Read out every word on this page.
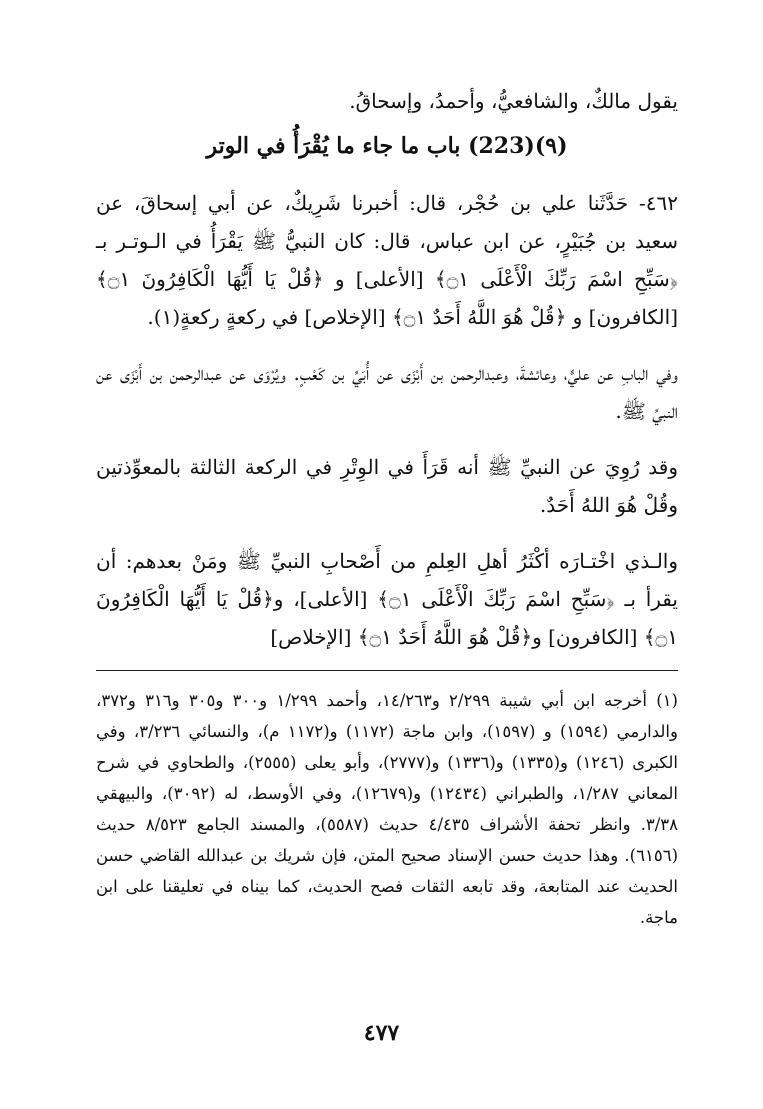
يقول مالكٌ، والشافعيُّ، وأحمدُ، وإسحاقُ.

(٩)(223) باب ما جاء ما يُقْرَأُ في الوتر

٤٦٢- حَدَّثَنا علي بن حُجْر، قال: أخبرنا شَرِيكٌ، عن أبي إسحاقَ، عن سعيد بن جُبَيْرٍ، عن ابن عباس، قال: كان النبيُّ ﷺ يَقْرَأُ في الـوتـر بـ ﴿سَبِّحِ اسْمَ رَبِّكَ الْأَعْلَى ۝١﴾ [الأعلى] و ﴿قُلْ يَا أَيُّهَا الْكَافِرُونَ ۝١﴾ [الكافرون] و ﴿قُلْ هُوَ اللَّهُ أَحَدٌ ۝١﴾ [الإخلاص] في ركعةٍ ركعةٍ(١).

وفي البابِ عن عليٍّ، وعائشةَ، وعبدالرحمن بن أَبْزَى عن أُبَيِّ بن كَعْبٍ. ويُرْوَى عن عبدالرحمن بن أَبْزَى عن النبيِّ ﷺ.

وقد رُوِيَ عن النبيِّ ﷺ أنه قَرَأَ في الوِتْرِ في الركعة الثالثة بالمعوِّذتين وقُلْ هُوَ اللهُ أَحَدٌ.

والـذي اخْتـارَه أكْثَرُ أهلِ العِلمِ من أَصْحابِ النبيِّ ﷺ ومَنْ بعدهم: أن يقرأ بـ ﴿سَبِّحِ اسْمَ رَبِّكَ الْأَعْلَى ۝١﴾ [الأعلى]، و﴿قُلْ يَا أَيُّهَا الْكَافِرُونَ ۝١﴾ [الكافرون] و﴿قُلْ هُوَ اللَّهُ أَحَدٌ ۝١﴾ [الإخلاص]

(١) أخرجه ابن أبي شيبة ٢/٢٩٩ و١٤/٢٦٣، وأحمد ١/٢٩٩ و٣٠٠ و٣٠٥ و٣١٦ و٣٧٢، والدارمي (١٥٩٤) و (١٥٩٧)، وابن ماجة (١١٧٢) و(١١٧٢ م)، والنسائي ٣/٢٣٦، وفي الكبرى (١٢٤٦) و(١٣٣٥) و(١٣٣٦) و(٢٧٧٧)، وأبو يعلى (٢٥٥٥)، والطحاوي في شرح المعاني ١/٢٨٧، والطبراني (١٢٤٣٤) و(١٢٦٧٩)، وفي الأوسط، له (٣٠٩٢)، والبيهقي ٣/٣٨. وانظر تحفة الأشراف ٤/٤٣٥ حديث (٥٥٨٧)، والمسند الجامع ٨/٥٢٣ حديث (٦١٥٦). وهذا حديث حسن الإسناد صحيح المتن، فإن شريك بن عبدالله القاضي حسن الحديث عند المتابعة، وقد تابعه الثقات فصح الحديث، كما بيناه في تعليقنا على ابن ماجة.

٤٧٧
